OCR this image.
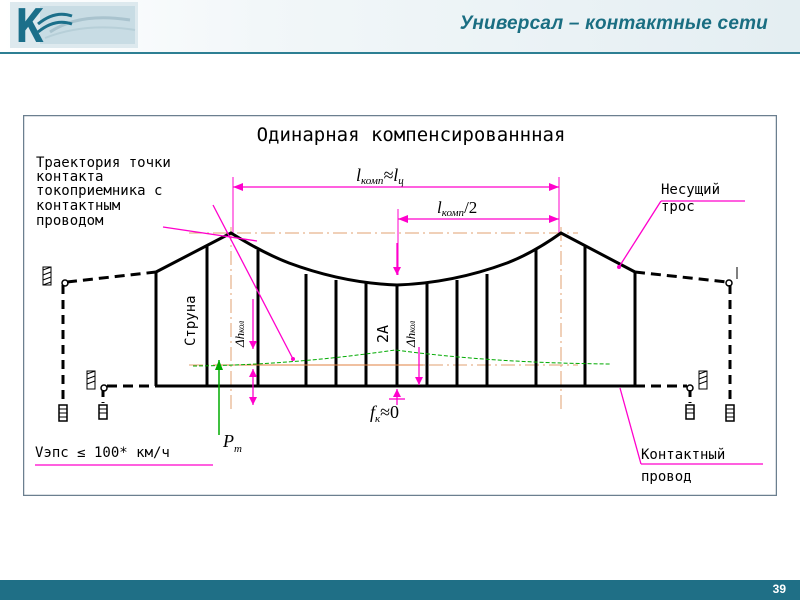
К	Универсал – контактные сети
Одинарная компенсированнная
lкомп≈lц
lкомп/2
Траектория точки контакта токоприемника с контактным проводом
Несущий трос
Контактный провод
Струна	Δhкол
Δhкол
2A
$f_к\approx 0$
Vэпс ≤ 100* км/ч
$P_т$
39
